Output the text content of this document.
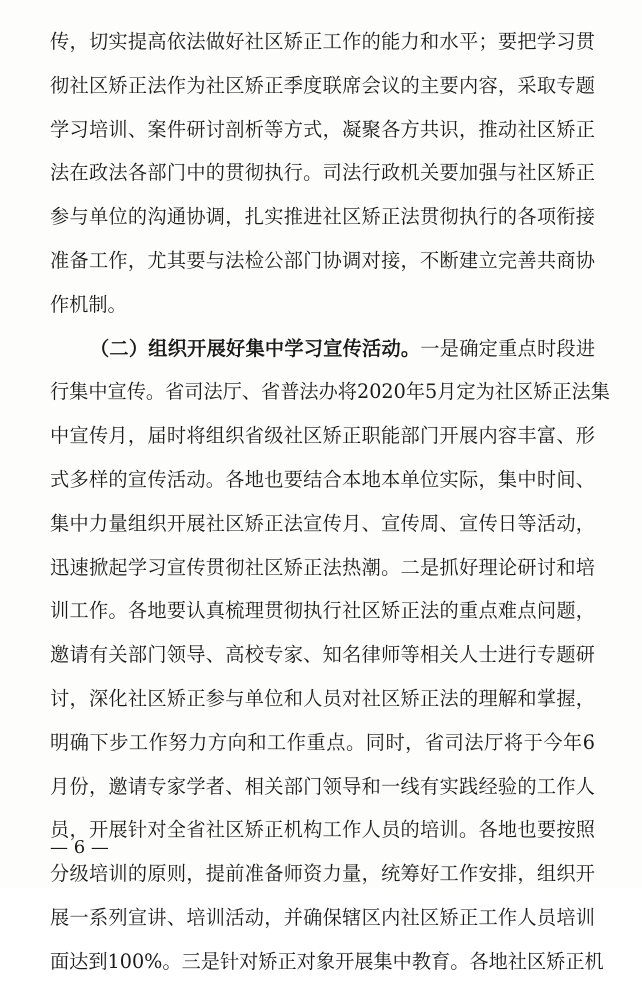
传，切实提高依法做好社区矫正工作的能力和水平；要把学习贯
彻社区矫正法作为社区矫正季度联席会议的主要内容，采取专题
学习培训、案件研讨剖析等方式，凝聚各方共识，推动社区矫正
法在政法各部门中的贯彻执行。司法行政机关要加强与社区矫正
参与单位的沟通协调，扎实推进社区矫正法贯彻执行的各项衔接
准备工作，尤其要与法检公部门协调对接，不断建立完善共商协
作机制。
（二）组织开展好集中学习宣传活动。一是确定重点时段进
行集中宣传。省司法厅、省普法办将2020年5月定为社区矫正法集
中宣传月，届时将组织省级社区矫正职能部门开展内容丰富、形
式多样的宣传活动。各地也要结合本地本单位实际，集中时间、
集中力量组织开展社区矫正法宣传月、宣传周、宣传日等活动，
迅速掀起学习宣传贯彻社区矫正法热潮。二是抓好理论研讨和培
训工作。各地要认真梳理贯彻执行社区矫正法的重点难点问题，
邀请有关部门领导、高校专家、知名律师等相关人士进行专题研
讨，深化社区矫正参与单位和人员对社区矫正法的理解和掌握，
明确下步工作努力方向和工作重点。同时，省司法厅将于今年6
月份，邀请专家学者、相关部门领导和一线有实践经验的工作人
员，开展针对全省社区矫正机构工作人员的培训。各地也要按照
分级培训的原则，提前准备师资力量，统筹好工作安排，组织开
展一系列宣讲、培训活动，并确保辖区内社区矫正工作人员培训
面达到100%。三是针对矫正对象开展集中教育。各地社区矫正机
— 6 —
